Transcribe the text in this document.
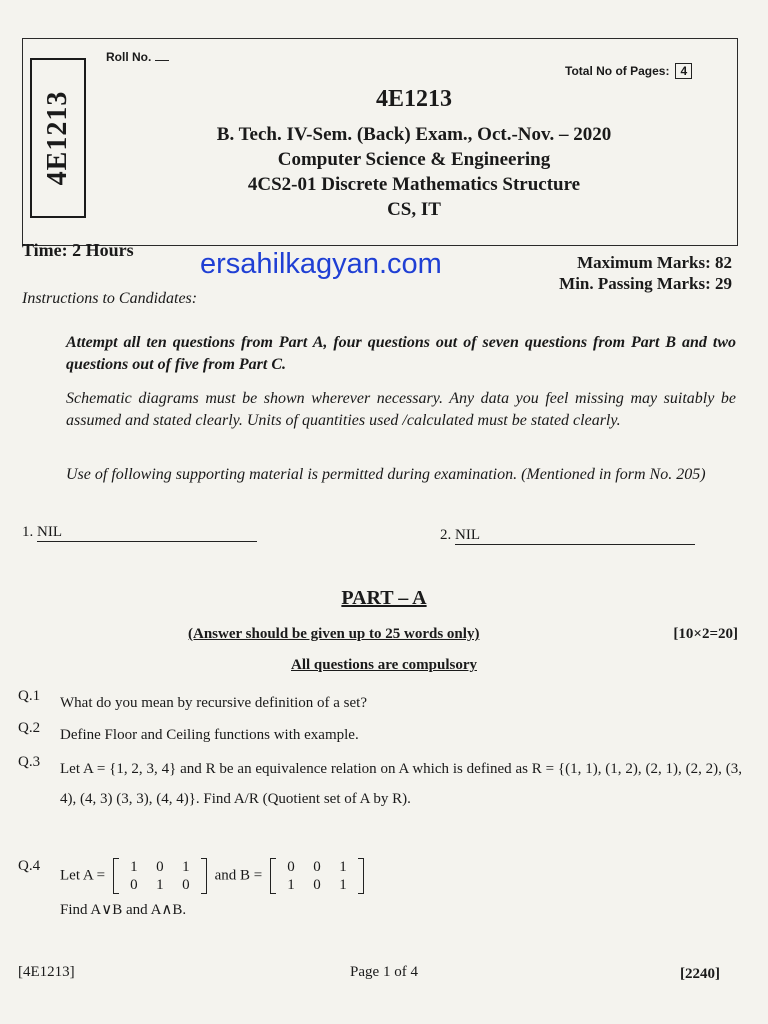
4E1213
Roll No.
Total No of Pages: 4
4E1213
B. Tech. IV-Sem. (Back) Exam., Oct.-Nov. – 2020
Computer Science & Engineering
4CS2-01 Discrete Mathematics Structure
CS, IT
Time: 2 Hours ersahilkagyan.com	Maximum Marks: 82
Min. Passing Marks: 29
Instructions to Candidates:
Attempt all ten questions from Part A, four questions out of seven questions from Part B and two questions out of five from Part C.
Schematic diagrams must be shown wherever necessary. Any data you feel missing may suitably be assumed and stated clearly. Units of quantities used /calculated must be stated clearly.
Use of following supporting material is permitted during examination. (Mentioned in form No. 205)
1. NIL	2. NIL
PART – A
(Answer should be given up to 25 words only)	[10×2=20]
All questions are compulsory
Q.1 What do you mean by recursive definition of a set?
Q.2 Define Floor and Ceiling functions with example.
Q.3 Let A = {1, 2, 3, 4} and R be an equivalence relation on A which is defined as R = {(1, 1), (1, 2), (2, 1), (2, 2), (3, 4), (4, 3) (3, 3), (4, 4)}. Find A/R (Quotient set of A by R).
Q.4
Let A =
1	0	1
0	1	0
and B =
0	0	1
1	0	1
Find A∨B and A∧B.
[4E1213]	Page 1 of 4	[2240]
